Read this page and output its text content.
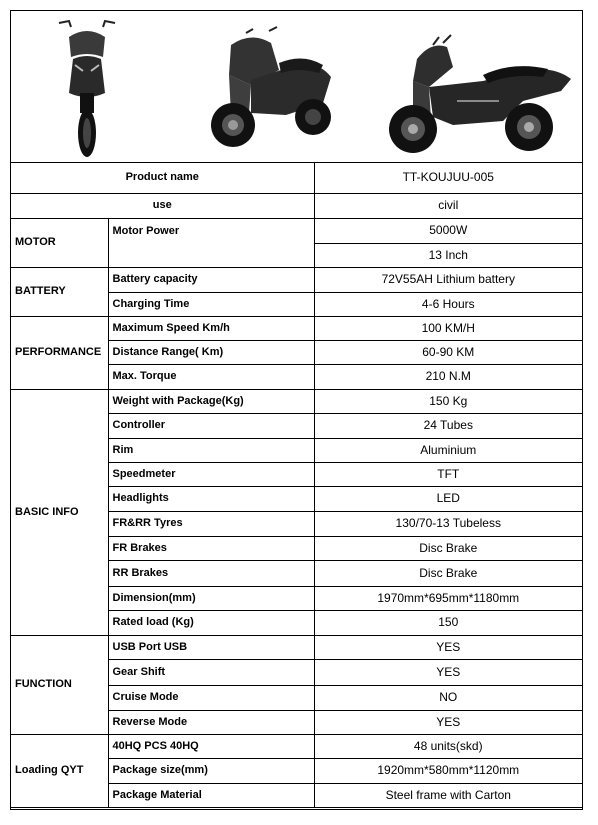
Product name		TT-KOUJUU-005
use		civil
MOTOR	Motor Power	5000W
		13 Inch
BATTERY	Battery capacity	72V55AH Lithium battery
	Charging Time	4-6 Hours
PERFORMANCE	Maximum Speed Km/h	100 KM/H
	Distance Range( Km)	60-90 KM
	Max. Torque	210 N.M
BASIC INFO	Weight with Package(Kg)	150 Kg
	Controller	24 Tubes
	Rim	Aluminium
	Speedmeter	TFT
	Headlights	LED
	FR&RR Tyres	130/70-13 Tubeless
	FR Brakes	Disc Brake
	RR Brakes	Disc Brake
	Dimension(mm)	1970mm*695mm*1180mm
	Rated load (Kg)	150
FUNCTION	USB Port USB	YES
	Gear Shift	YES
	Cruise Mode	NO
	Reverse Mode	YES
Loading QYT	40HQ PCS 40HQ	48 units(skd)
	Package size(mm)	1920mm*580mm*1120mm
	Package Material	Steel frame with Carton
